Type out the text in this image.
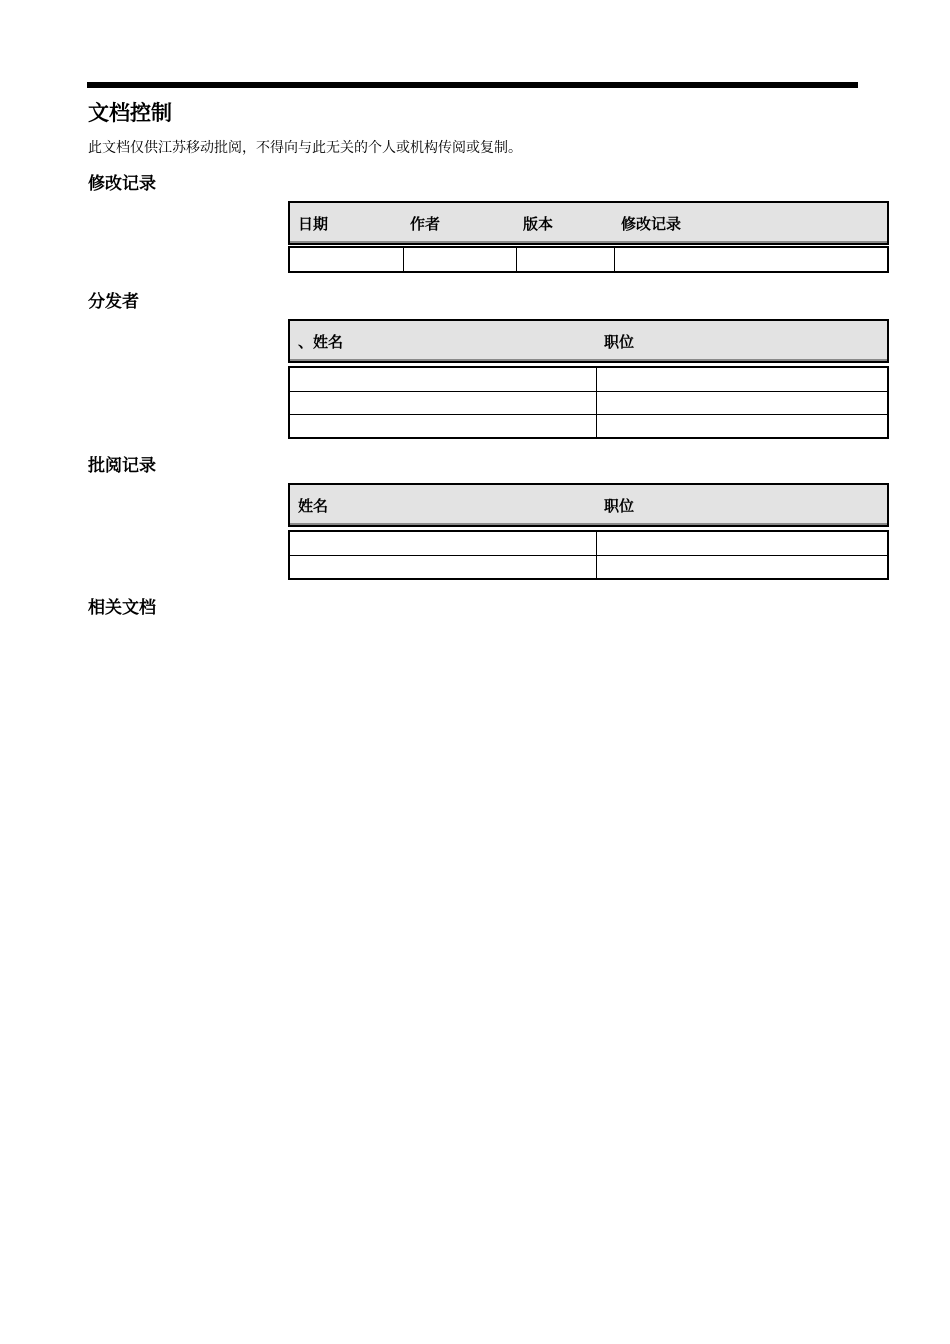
文档控制
此文档仅供江苏移动批阅，不得向与此无关的个人或机构传阅或复制。
修改记录
日期	作者	版本	修改记录
分发者
、姓名	职位
批阅记录
姓名	职位
相关文档
